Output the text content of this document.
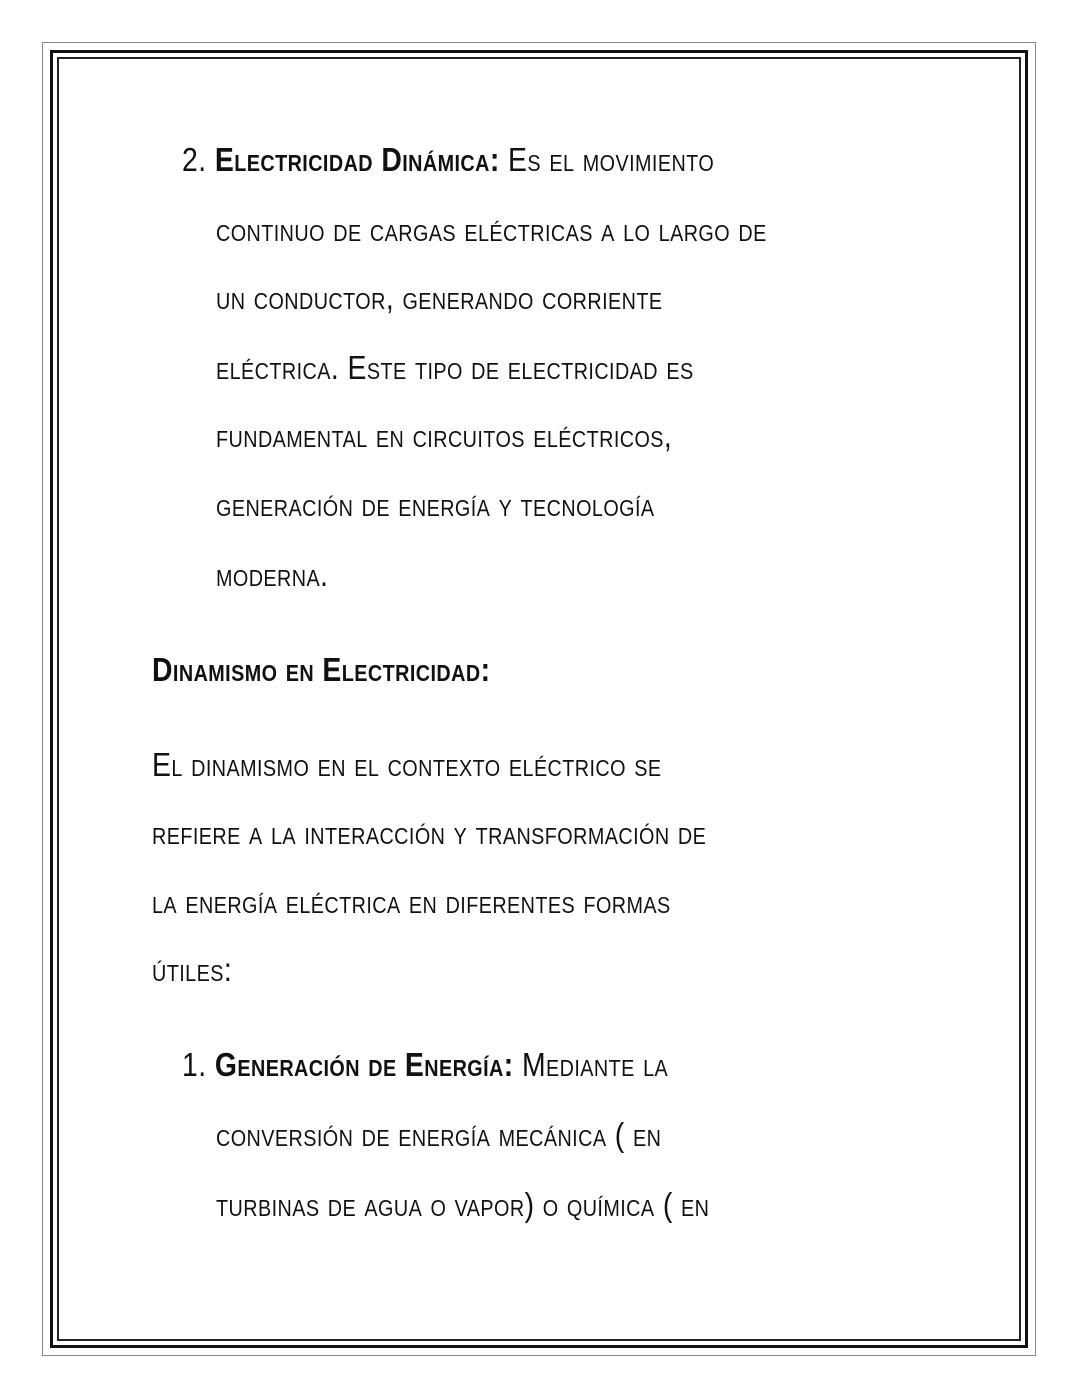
2. Electricidad Dinámica: Es el movimiento
continuo de cargas eléctricas a lo largo de
un conductor, generando corriente
eléctrica. Este tipo de electricidad es
fundamental en circuitos eléctricos,
generación de energía y tecnología
moderna.
Dinamismo en Electricidad:
El dinamismo en el contexto eléctrico se
refiere a la interacción y transformación de
la energía eléctrica en diferentes formas
útiles:
1. Generación de Energía: Mediante la
conversión de energía mecánica ( en
turbinas de agua o vapor) o química ( en
